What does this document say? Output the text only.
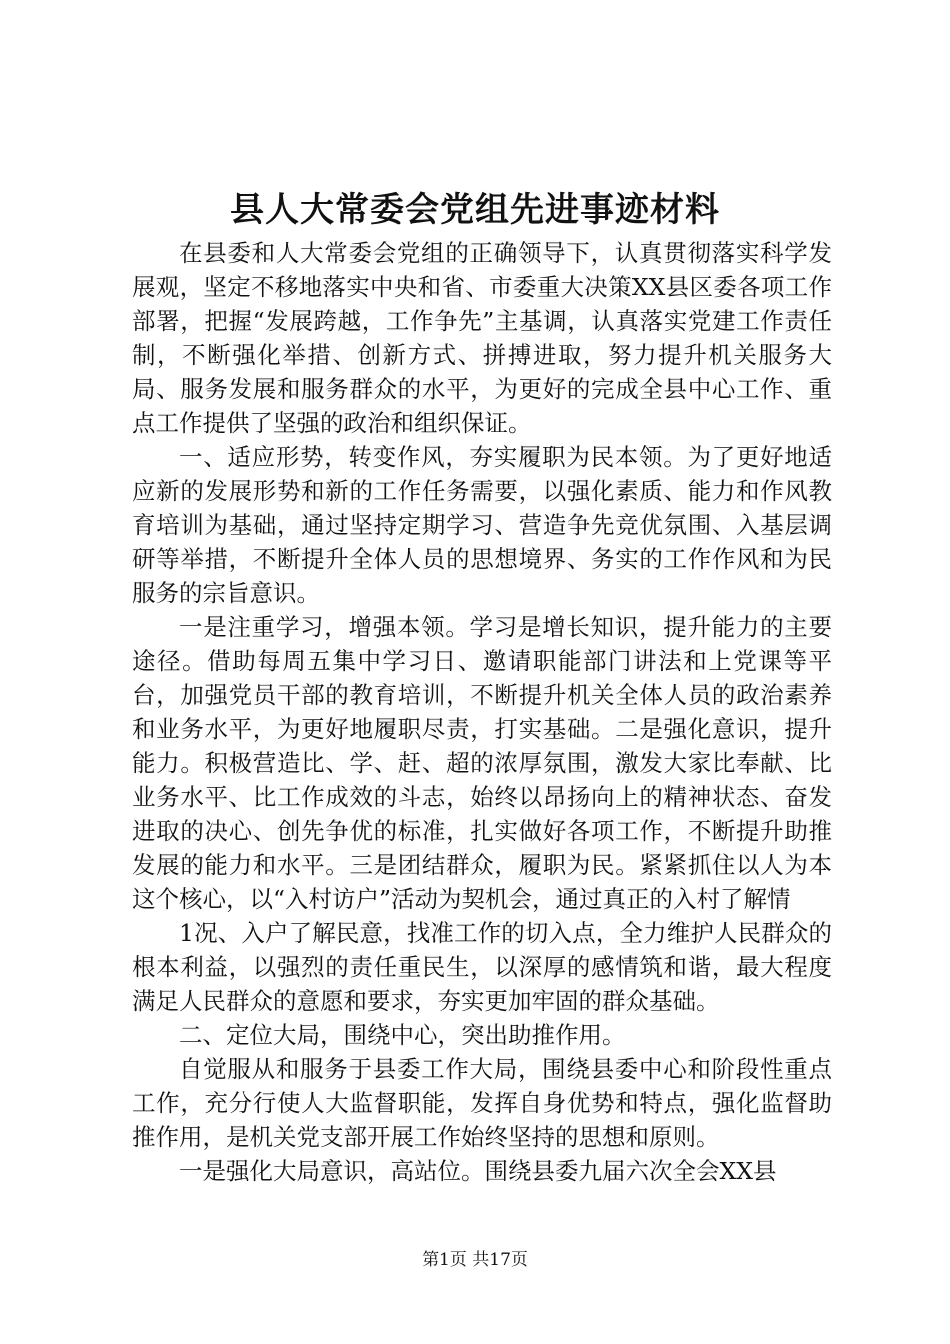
县人大常委会党组先进事迹材料

在县委和人大常委会党组的正确领导下，认真贯彻落实科学发展观，坚定不移地落实中央和省、市委重大决策XX县区委各项工作部署，把握“发展跨越，工作争先”主基调，认真落实党建工作责任制，不断强化举措、创新方式、拼搏进取，努力提升机关服务大局、服务发展和服务群众的水平，为更好的完成全县中心工作、重点工作提供了坚强的政治和组织保证。

一、适应形势，转变作风，夯实履职为民本领。为了更好地适应新的发展形势和新的工作任务需要，以强化素质、能力和作风教育培训为基础，通过坚持定期学习、营造争先竞优氛围、入基层调研等举措，不断提升全体人员的思想境界、务实的工作作风和为民服务的宗旨意识。

一是注重学习，增强本领。学习是增长知识，提升能力的主要途径。借助每周五集中学习日、邀请职能部门讲法和上党课等平台，加强党员干部的教育培训，不断提升机关全体人员的政治素养和业务水平，为更好地履职尽责，打实基础。二是强化意识，提升能力。积极营造比、学、赶、超的浓厚氛围，激发大家比奉献、比业务水平、比工作成效的斗志，始终以昂扬向上的精神状态、奋发进取的决心、创先争优的标准，扎实做好各项工作，不断提升助推发展的能力和水平。三是团结群众，履职为民。紧紧抓住以人为本这个核心，以“入村访户”活动为契机会，通过真正的入村了解情

1况、入户了解民意，找准工作的切入点，全力维护人民群众的根本利益，以强烈的责任重民生，以深厚的感情筑和谐，最大程度满足人民群众的意愿和要求，夯实更加牢固的群众基础。

二、定位大局，围绕中心，突出助推作用。

自觉服从和服务于县委工作大局，围绕县委中心和阶段性重点工作，充分行使人大监督职能，发挥自身优势和特点，强化监督助推作用，是机关党支部开展工作始终坚持的思想和原则。

一是强化大局意识，高站位。围绕县委九届六次全会XX县

第1页 共17页
